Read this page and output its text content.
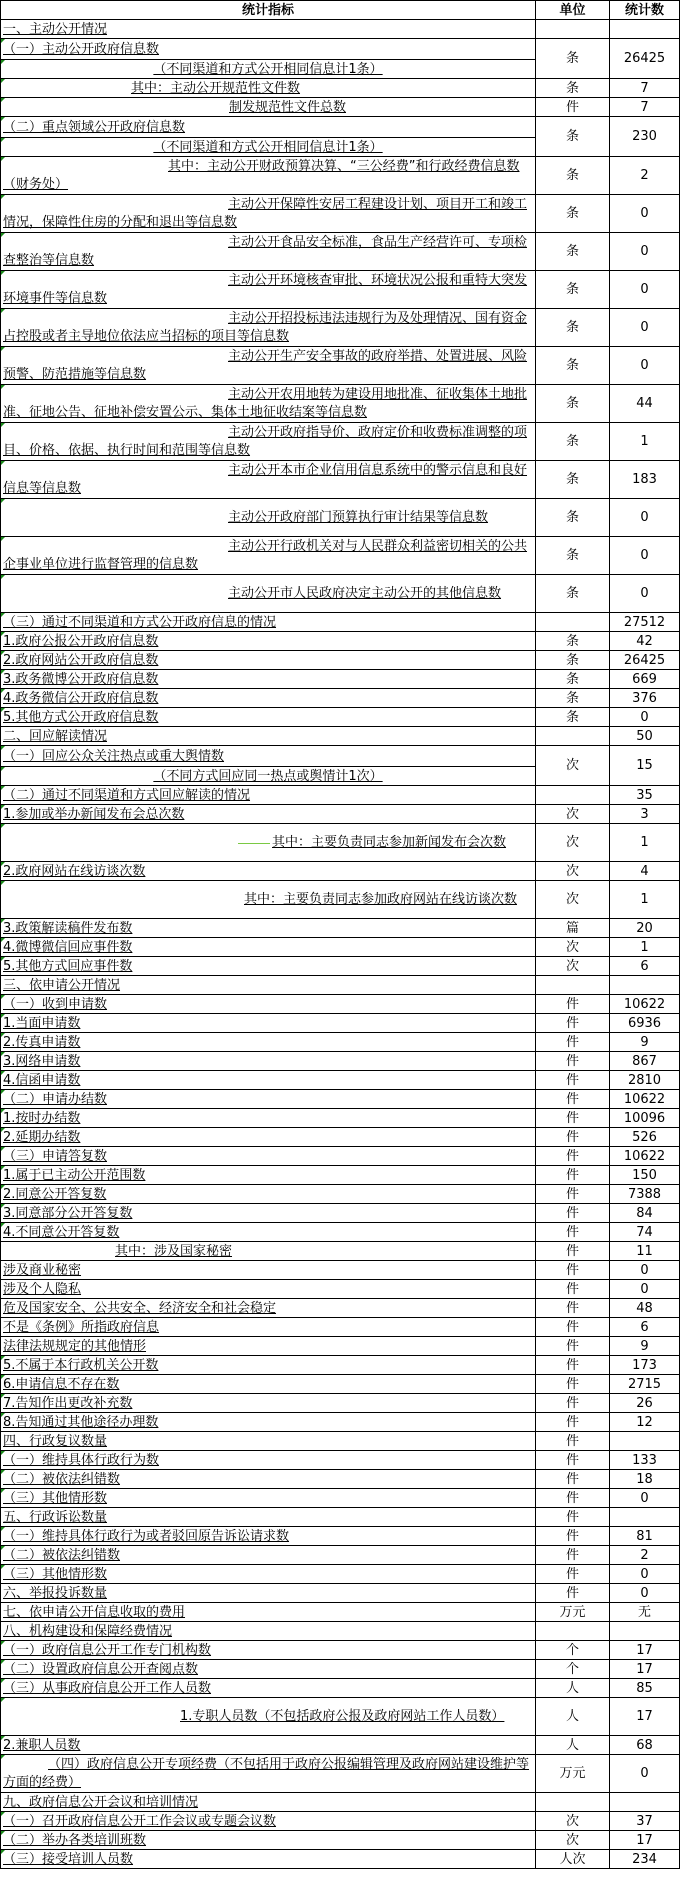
统计指标	单位	统计数

一、主动公开情况		

（一）主动公开政府信息数	条	26425

（不同渠道和方式公开相同信息计1条）		

其中：主动公开规范性文件数	条	7

制发规范性文件总数	件	7

（二）重点领域公开政府信息数	条	230

（不同渠道和方式公开相同信息计1条）		

其中：主动公开财政预算决算、“三公经费”和行政经费信息数（财务处）	条	2

主动公开保障性安居工程建设计划、项目开工和竣工情况，保障性住房的分配和退出等信息数	条	0

主动公开食品安全标准，食品生产经营许可、专项检查整治等信息数	条	0

主动公开环境核查审批、环境状况公报和重特大突发环境事件等信息数	条	0

主动公开招投标违法违规行为及处理情况、国有资金占控股或者主导地位依法应当招标的项目等信息数	条	0

主动公开生产安全事故的政府举措、处置进展、风险预警、防范措施等信息数	条	0

主动公开农用地转为建设用地批准、征收集体土地批准、征地公告、征地补偿安置公示、集体土地征收结案等信息数	条	44

主动公开政府指导价、政府定价和收费标准调整的项目、价格、依据、执行时间和范围等信息数	条	1

主动公开本市企业信用信息系统中的警示信息和良好信息等信息数	条	183

主动公开政府部门预算执行审计结果等信息数	条	0

主动公开行政机关对与人民群众利益密切相关的公共企事业单位进行监督管理的信息数	条	0

主动公开市人民政府决定主动公开的其他信息数	条	0

（三）通过不同渠道和方式公开政府信息的情况		27512

1.政府公报公开政府信息数	条	42

2.政府网站公开政府信息数	条	26425

3.政务微博公开政府信息数	条	669

4.政务微信公开政府信息数	条	376

5.其他方式公开政府信息数	条	0

二、回应解读情况		50

（一）回应公众关注热点或重大舆情数	次	15

（不同方式回应同一热点或舆情计1次）		

（二）通过不同渠道和方式回应解读的情况		35

1.参加或举办新闻发布会总次数	次	3

其中：主要负责同志参加新闻发布会次数	次	1

2.政府网站在线访谈次数	次	4

其中：主要负责同志参加政府网站在线访谈次数	次	1

3.政策解读稿件发布数	篇	20

4.微博微信回应事件数	次	1

5.其他方式回应事件数	次	6

三、依申请公开情况		

（一）收到申请数	件	10622

1.当面申请数	件	6936

2.传真申请数	件	9

3.网络申请数	件	867

4.信函申请数	件	2810

（二）申请办结数	件	10622

1.按时办结数	件	10096

2.延期办结数	件	526

（三）申请答复数	件	10622

1.属于已主动公开范围数	件	150

2.同意公开答复数	件	7388

3.同意部分公开答复数	件	84

4.不同意公开答复数	件	74

其中：涉及国家秘密	件	11

涉及商业秘密	件	0

涉及个人隐私	件	0

危及国家安全、公共安全、经济安全和社会稳定	件	48

不是《条例》所指政府信息	件	6

法律法规规定的其他情形	件	9

5.不属于本行政机关公开数	件	173

6.申请信息不存在数	件	2715

7.告知作出更改补充数	件	26

8.告知通过其他途径办理数	件	12

四、行政复议数量	件	

（一）维持具体行政行为数	件	133

（二）被依法纠错数	件	18

（三）其他情形数	件	0

五、行政诉讼数量	件	

（一）维持具体行政行为或者驳回原告诉讼请求数	件	81

（二）被依法纠错数	件	2

（三）其他情形数	件	0

六、举报投诉数量	件	0

七、依申请公开信息收取的费用	万元	无

八、机构建设和保障经费情况		

（一）政府信息公开工作专门机构数	个	17

（二）设置政府信息公开查阅点数	个	17

（三）从事政府信息公开工作人员数	人	85

1.专职人员数（不包括政府公报及政府网站工作人员数）	人	17

2.兼职人员数	人	68

（四）政府信息公开专项经费（不包括用于政府公报编辑管理及政府网站建设维护等方面的经费）	万元	0

九、政府信息公开会议和培训情况		

（一）召开政府信息公开工作会议或专题会议数	次	37

（二）举办各类培训班数	次	17

（三）接受培训人员数	人次	234
